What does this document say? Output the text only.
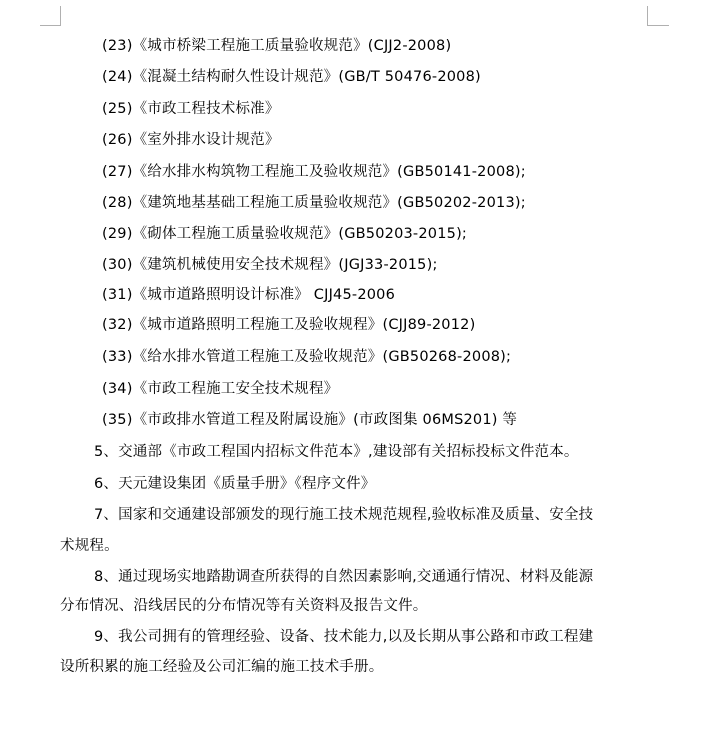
(23)《城市桥梁工程施工质量验收规范》(CJJ2-2008)
(24)《混凝土结构耐久性设计规范》(GB/T 50476-2008)
(25)《市政工程技术标准》
(26)《室外排水设计规范》
(27)《给水排水构筑物工程施工及验收规范》(GB50141-2008);
(28)《建筑地基基础工程施工质量验收规范》(GB50202-2013);
(29)《砌体工程施工质量验收规范》(GB50203-2015);
(30)《建筑机械使用安全技术规程》(JGJ33-2015);
(31)《城市道路照明设计标准》 CJJ45-2006
(32)《城市道路照明工程施工及验收规程》(CJJ89-2012)
(33)《给水排水管道工程施工及验收规范》(GB50268-2008);
(34)《市政工程施工安全技术规程》
(35)《市政排水管道工程及附属设施》(市政图集 06MS201) 等
5、交通部《市政工程国内招标文件范本》,建设部有关招标投标文件范本。
6、天元建设集团《质量手册》《程序文件》
7、国家和交通建设部颁发的现行施工技术规范规程,验收标准及质量、安全技
术规程。
8、通过现场实地踏勘调查所获得的自然因素影响,交通通行情况、材料及能源
分布情况、沿线居民的分布情况等有关资料及报告文件。
9、我公司拥有的管理经验、设备、技术能力,以及长期从事公路和市政工程建
设所积累的施工经验及公司汇编的施工技术手册。
